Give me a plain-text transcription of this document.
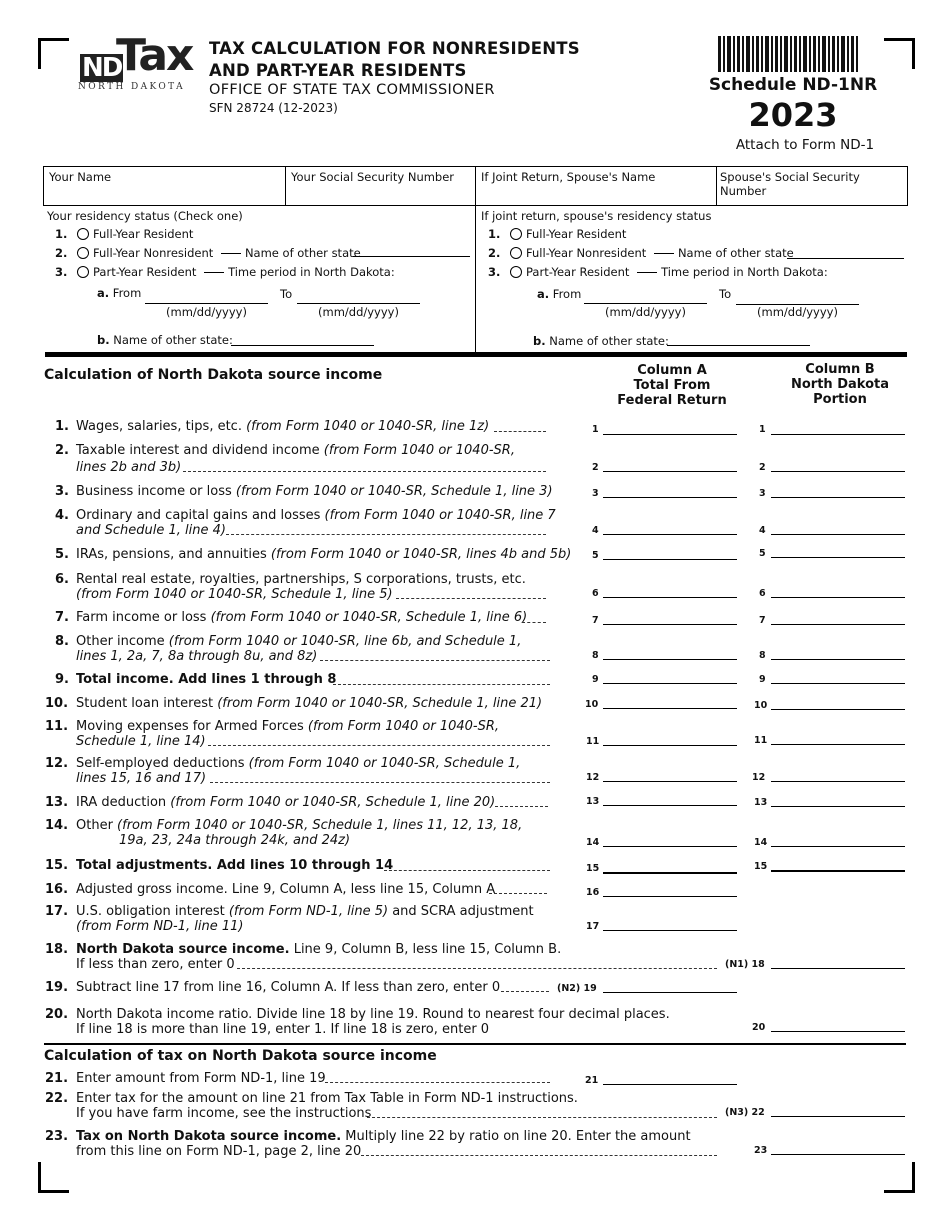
ND
Tax
NORTH DAKOTA
TAX CALCULATION FOR NONRESIDENTS
AND PART-YEAR RESIDENTS
OFFICE OF STATE TAX COMMISSIONER
SFN 28724 (12-2023)
Schedule ND-1NR
2023
Attach to Form ND-1
Your Name	Your Social Security Number	If Joint Return, Spouse's Name	Spouse's Social Security Number
Your residency status (Check one)
1. Full-Year Resident
2. Full-Year Nonresident	Name of other state
3. Part-Year Resident	Time period in North Dakota:
a. From	To
(mm/dd/yyyy)	(mm/dd/yyyy)
b. Name of other state:
If joint return, spouse's residency status
1. Full-Year Resident
2. Full-Year Nonresident	Name of other state
3. Part-Year Resident	Time period in North Dakota:
a. From	To
(mm/dd/yyyy)	(mm/dd/yyyy)
b. Name of other state:
Calculation of North Dakota source income	Column A
Total From
Federal Return
Column B
North Dakota
Portion
1. Wages, salaries, tips, etc. (from Form 1040 or 1040-SR, line 1z)	1	1
2. Taxable interest and dividend income (from Form 1040 or 1040-SR,
lines 2b and 3b)	2	2
3. Business income or loss (from Form 1040 or 1040-SR, Schedule 1, line 3)	3	3
4. Ordinary and capital gains and losses (from Form 1040 or 1040-SR, line 7
and Schedule 1, line 4)	4	4
5. IRAs, pensions, and annuities (from Form 1040 or 1040-SR, lines 4b and 5b) 5	5
6. Rental real estate, royalties, partnerships, S corporations, trusts, etc.
(from Form 1040 or 1040-SR, Schedule 1, line 5)	6	6
7. Farm income or loss (from Form 1040 or 1040-SR, Schedule 1, line 6)	7	7
8. Other income (from Form 1040 or 1040-SR, line 6b, and Schedule 1,
lines 1, 2a, 7, 8a through 8u, and 8z)	8	8
9. Total income. Add lines 1 through 8	9	9
10. Student loan interest (from Form 1040 or 1040-SR, Schedule 1, line 21)	10	10
11. Moving expenses for Armed Forces (from Form 1040 or 1040-SR,
Schedule 1, line 14)	11	11
12. Self-employed deductions (from Form 1040 or 1040-SR, Schedule 1,
lines 15, 16 and 17)	12	12
13. IRA deduction (from Form 1040 or 1040-SR, Schedule 1, line 20)	13	13
14. Other (from Form 1040 or 1040-SR, Schedule 1, lines 11, 12, 13, 18,
19a, 23, 24a through 24k, and 24z)	14	14
15. Total adjustments. Add lines 10 through 14	15	15
16. Adjusted gross income. Line 9, Column A, less line 15, Column A	16
17. U.S. obligation interest (from Form ND-1, line 5) and SCRA adjustment
(from Form ND-1, line 11)	17
18. North Dakota source income. Line 9, Column B, less line 15, Column B.
If less than zero, enter 0	(N1) 18
19. Subtract line 17 from line 16, Column A. If less than zero, enter 0	(N2) 19
20. North Dakota income ratio. Divide line 18 by line 19. Round to nearest four decimal places.
If line 18 is more than line 19, enter 1. If line 18 is zero, enter 0	20
Calculation of tax on North Dakota source income
21. Enter amount from Form ND-1, line 19	21
22. Enter tax for the amount on line 21 from Tax Table in Form ND-1 instructions.
If you have farm income, see the instructions	(N3) 22
23. Tax on North Dakota source income. Multiply line 22 by ratio on line 20. Enter the amount
from this line on Form ND-1, page 2, line 20	23
